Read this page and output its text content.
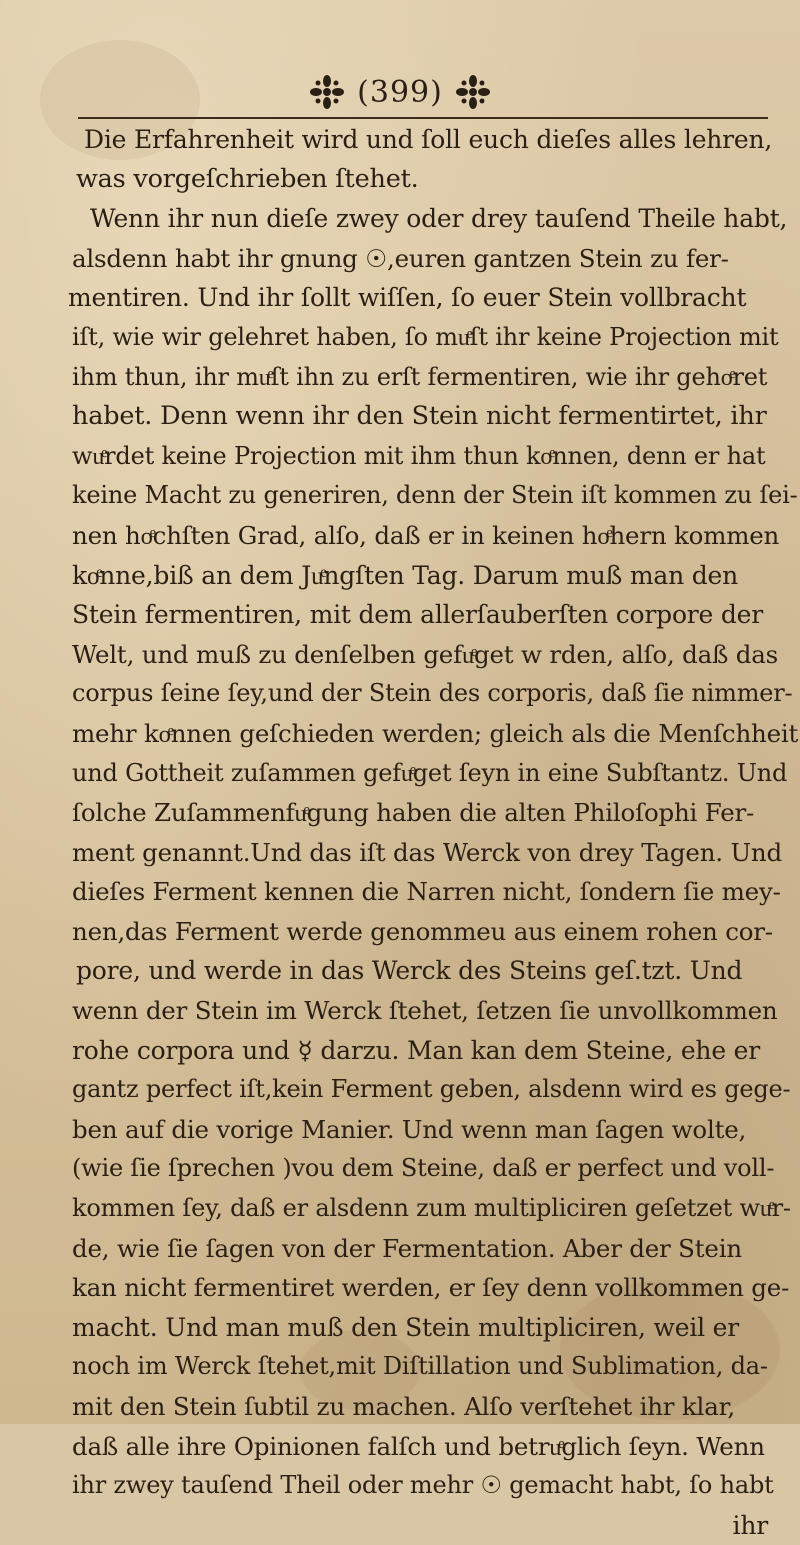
(399)
Die Erfahrenheit wird und ſoll euch dieſes alles lehren,
was vorgeſchrieben ſtehet.
Wenn ihr nun dieſe zwey oder drey tauſend Theile habt,
alsdenn habt ihr gnung ☉,euren gantzen Stein zu fer-
mentiren. Und ihr ſollt wiſſen, ſo euer Stein vollbracht
iſt, wie wir gelehret haben, ſo muͤſt ihr keine Projection mit
ihm thun, ihr muͤſt ihn zu erſt fermentiren, wie ihr gehoͤret
habet. Denn wenn ihr den Stein nicht fermentirtet, ihr
wuͤrdet keine Projection mit ihm thun koͤnnen, denn er hat
keine Macht zu generiren, denn der Stein iſt kommen zu ſei-
nen hoͤchſten Grad, alſo, daß er in keinen hoͤhern kommen
koͤnne,biß an dem Juͤngſten Tag. Darum muß man den
Stein fermentiren, mit dem allerſauberſten corpore der
Welt, und muß zu denſelben gefuͤget w rden, alſo, daß das
corpus ſeine ſey,und der Stein des corporis, daß ſie nimmer-
mehr koͤnnen geſchieden werden; gleich als die Menſchheit
und Gottheit zuſammen gefuͤget ſeyn in eine Subſtantz. Und
ſolche Zuſammenfuͤgung haben die alten Philoſophi Fer-
ment genannt.Und das iſt das Werck von drey Tagen. Und
dieſes Ferment kennen die Narren nicht, ſondern ſie mey-
nen,das Ferment werde genommeu aus einem rohen cor-
pore, und werde in das Werck des Steins geſ.tzt. Und
wenn der Stein im Werck ſtehet, ſetzen ſie unvollkommen
rohe corpora und ☿ darzu. Man kan dem Steine, ehe er
gantz perfect iſt,kein Ferment geben, alsdenn wird es gege-
ben auf die vorige Manier. Und wenn man ſagen wolte,
(wie ſie ſprechen )vou dem Steine, daß er perfect und voll-
kommen ſey, daß er alsdenn zum multipliciren geſetzet wuͤr-
de, wie ſie ſagen von der Fermentation. Aber der Stein
kan nicht fermentiret werden, er ſey denn vollkommen ge-
macht. Und man muß den Stein multipliciren, weil er
noch im Werck ſtehet,mit Diſtillation und Sublimation, da-
mit den Stein ſubtil zu machen. Alſo verſtehet ihr klar,
daß alle ihre Opinionen falſch und betruͤglich ſeyn. Wenn
ihr zwey tauſend Theil oder mehr ☉ gemacht habt, ſo habt
ihr
